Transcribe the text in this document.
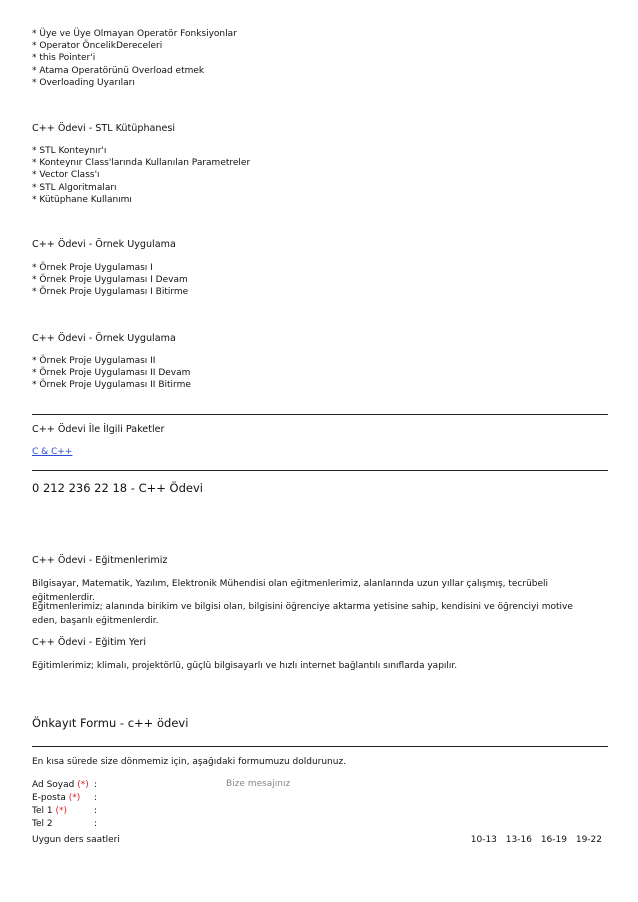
* Üye ve Üye Olmayan Operatör Fonksiyonlar
* Operator ÖncelikDereceleri
* this Pointer'i
* Atama Operatörünü Overload etmek
* Overloading Uyarıları
C++ Ödevi - STL Kütüphanesi
* STL Konteynır'ı
* Konteynır Class'larında Kullanılan Parametreler
* Vector Class'ı
* STL Algoritmaları
* Kütüphane Kullanımı
C++ Ödevi - Örnek Uygulama
* Örnek Proje Uygulaması I
* Örnek Proje Uygulaması I Devam
* Örnek Proje Uygulaması I Bitirme
C++ Ödevi - Örnek Uygulama
* Örnek Proje Uygulaması II
* Örnek Proje Uygulaması II Devam
* Örnek Proje Uygulaması II Bitirme
C++ Ödevi İle İlgili Paketler
C & C++
0 212 236 22 18 - C++ Ödevi
C++ Ödevi - Eğitmenlerimiz

Bilgisayar, Matematik, Yazılım, Elektronik Mühendisi olan eğitmenlerimiz, alanlarında uzun yıllar çalışmış, tecrübeli eğitmenlerdir.

Eğitmenlerimiz; alanında birikim ve bilgisi olan, bilgisini öğrenciye aktarma yetisine sahip, kendisini ve öğrenciyi motive eden, başarılı eğitmenlerdir.

C++ Ödevi - Eğitim Yeri

Eğitimlerimiz; klimalı, projektörlü, güçlü bilgisayarlı ve hızlı internet bağlantılı sınıflarda yapılır.

Önkayıt Formu - c++ ödevi

En kısa sürede size dönmemiz için, aşağıdaki formumuzu doldurunuz.

Ad Soyad (*) :
E-posta (*) :
Tel 1 (*)	:
Tel 2	:
Bize mesajınız
Uygun ders saatleri	10-13 13-16 16-19 19-22
